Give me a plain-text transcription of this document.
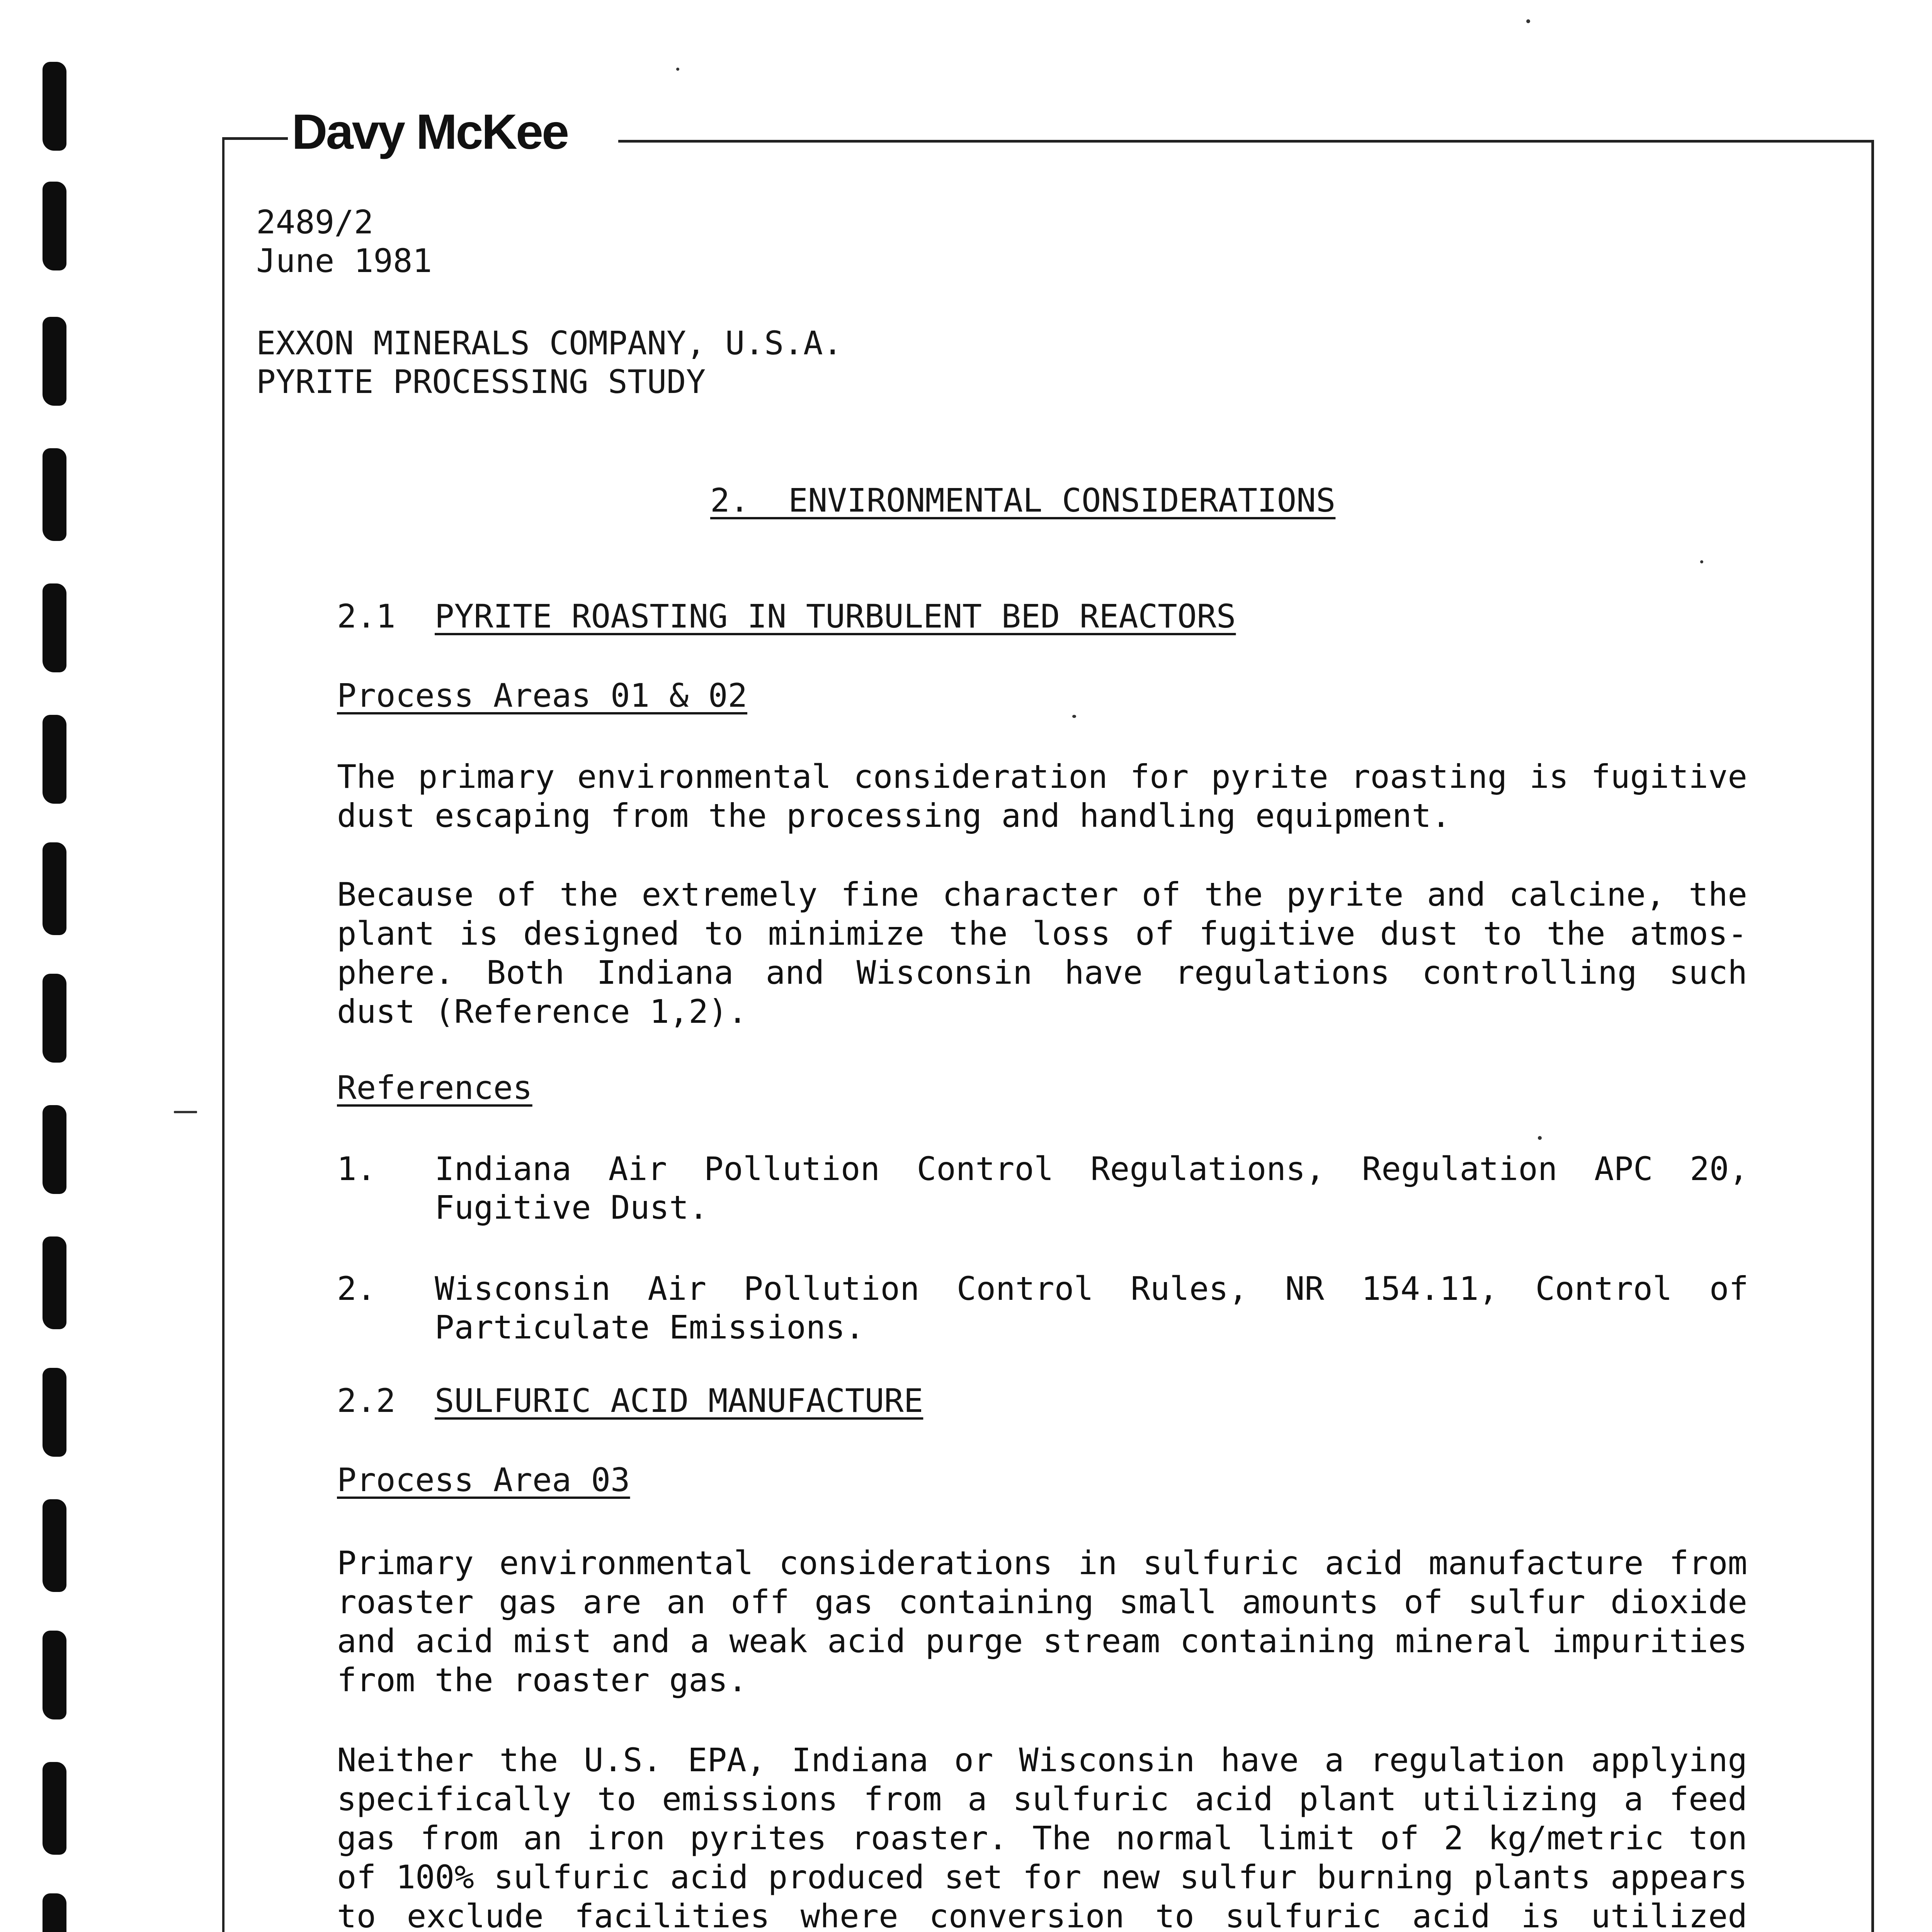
Davy McKee
2489/2
June 1981
EXXON MINERALS COMPANY, U.S.A.
PYRITE PROCESSING STUDY
2.  ENVIRONMENTAL CONSIDERATIONS
2.1 PYRITE ROASTING IN TURBULENT BED REACTORS
Process Areas 01 & 02
The primary environmental consideration for pyrite roasting is fugitive
dust escaping from the processing and handling equipment.
Because of the extremely fine character of the pyrite and calcine, the
plant is designed to minimize the loss of fugitive dust to the atmos-
phere. Both Indiana and Wisconsin have regulations controlling such
dust (Reference 1,2).
References
1. Indiana Air Pollution Control Regulations, Regulation APC 20,
Fugitive Dust.
2. Wisconsin Air Pollution Control Rules, NR 154.11, Control of
Particulate Emissions.
2.2 SULFURIC ACID MANUFACTURE
Process Area 03
Primary environmental considerations in sulfuric acid manufacture from
roaster gas are an off gas containing small amounts of sulfur dioxide
and acid mist and a weak acid purge stream containing mineral impurities
from the roaster gas.
Neither the U.S. EPA, Indiana or Wisconsin have a regulation applying
specifically to emissions from a sulfuric acid plant utilizing a feed
gas from an iron pyrites roaster. The normal limit of 2 kg/metric ton
of 100% sulfuric acid produced set for new sulfur burning plants appears
to exclude facilities where conversion to sulfuric acid is utilized
